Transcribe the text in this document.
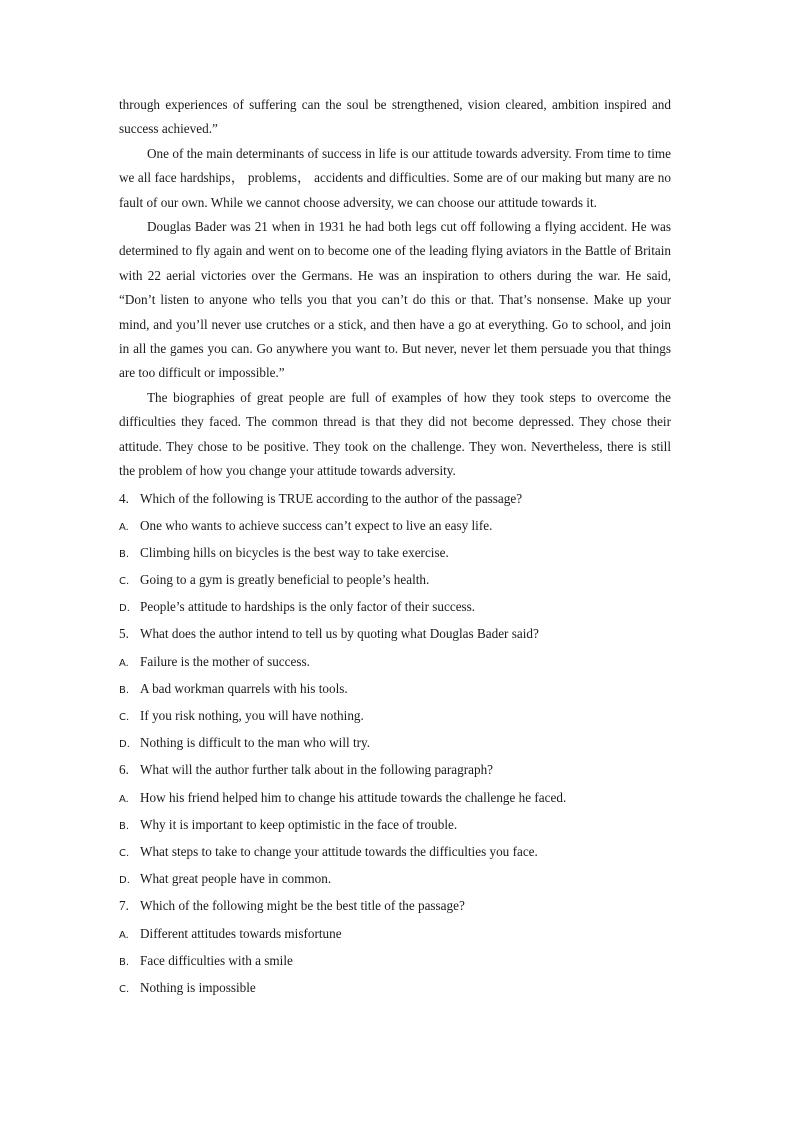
through experiences of suffering can the soul be strengthened, vision cleared, ambition inspired and success achieved.”

One of the main determinants of success in life is our attitude towards adversity. From time to time we all face hardships， problems， accidents and difficulties. Some are of our making but many are no fault of our own. While we cannot choose adversity, we can choose our attitude towards it.

Douglas Bader was 21 when in 1931 he had both legs cut off following a flying accident. He was determined to fly again and went on to become one of the leading flying aviators in the Battle of Britain with 22 aerial victories over the Germans. He was an inspiration to others during the war. He said, “Don’t listen to anyone who tells you that you can’t do this or that. That’s nonsense. Make up your mind, and you’ll never use crutches or a stick, and then have a go at everything. Go to school, and join in all the games you can. Go anywhere you want to. But never, never let them persuade you that things are too difficult or impossible.”

The biographies of great people are full of examples of how they took steps to overcome the difficulties they faced. The common thread is that they did not become depressed. They chose their attitude. They chose to be positive. They took on the challenge. They won. Nevertheless, there is still the problem of how you change your attitude towards adversity.

4. Which of the following is TRUE according to the author of the passage?
A. One who wants to achieve success can’t expect to live an easy life.
B. Climbing hills on bicycles is the best way to take exercise.
C. Going to a gym is greatly beneficial to people’s health.
D. People’s attitude to hardships is the only factor of their success.
5. What does the author intend to tell us by quoting what Douglas Bader said?
A. Failure is the mother of success.
B. A bad workman quarrels with his tools.
C. If you risk nothing, you will have nothing.
D. Nothing is difficult to the man who will try.
6. What will the author further talk about in the following paragraph?
A. How his friend helped him to change his attitude towards the challenge he faced.
B. Why it is important to keep optimistic in the face of trouble.
C. What steps to take to change your attitude towards the difficulties you face.
D. What great people have in common.
7. Which of the following might be the best title of the passage?
A. Different attitudes towards misfortune
B. Face difficulties with a smile
C. Nothing is impossible
